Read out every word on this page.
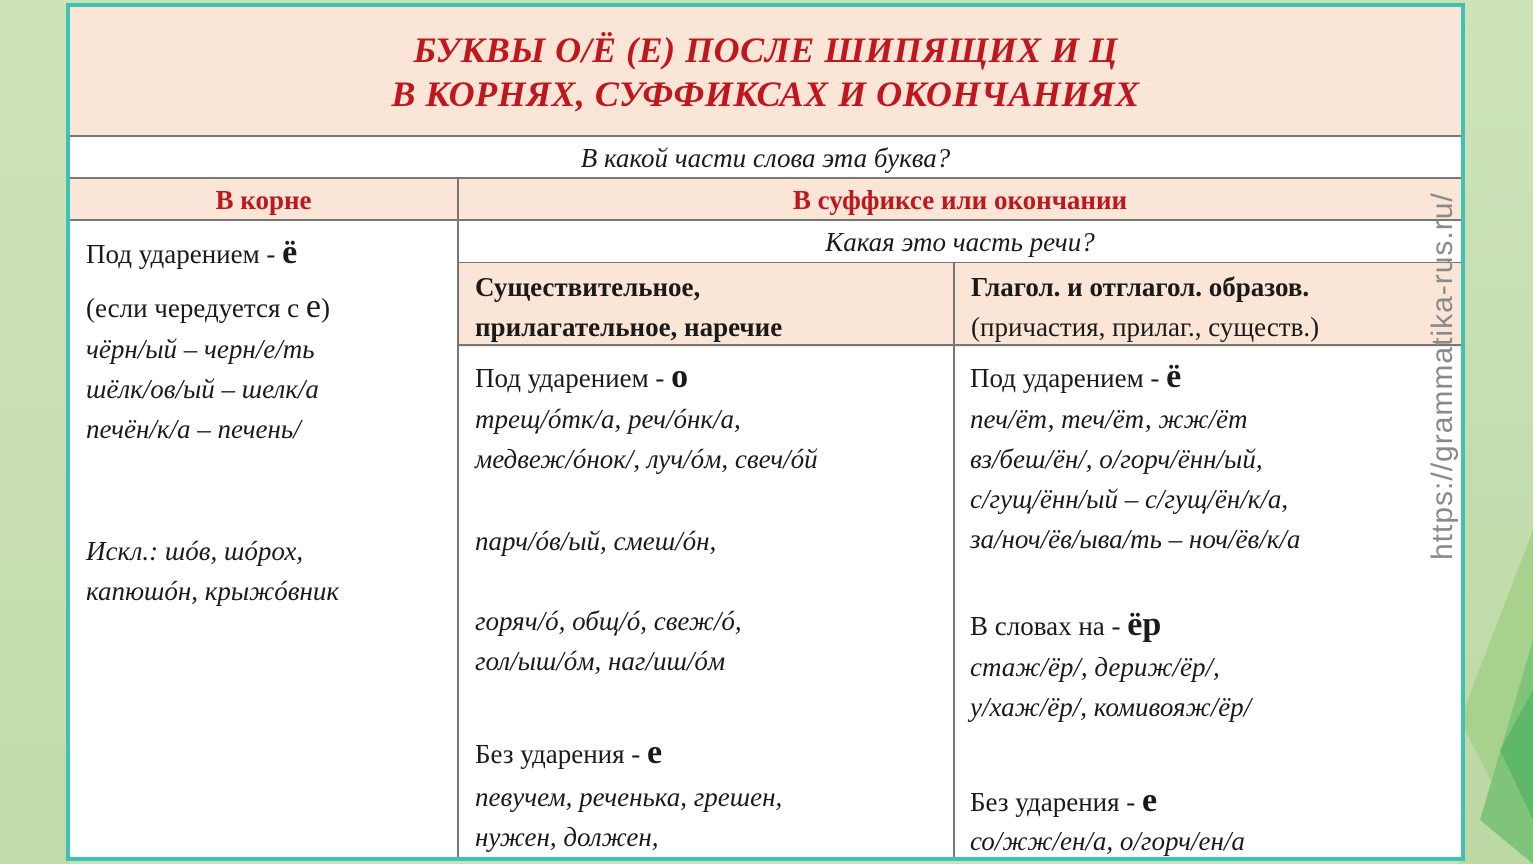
БУКВЫ О/Ё (Е) ПОСЛЕ ШИПЯЩИХ И Ц
В КОРНЯХ, СУФФИКСАХ И ОКОНЧАНИЯХ
В какой части слова эта буква?
В корне	В суффиксе или окончании
Какая это часть речи?
Существительное,
прилагательное, наречие
Глагол. и отглагол. образов.
(причастия, прилаг., существ.)
Под ударением - ё
(если чередуется с е)
чёрн/ый – черн/е/ть
шёлк/ов/ый – шелк/а
печён/к/а – печень/
Искл.: шóв, шóрох,
капюшóн, крыжóвник
Под ударением - о
трещ/óтк/а, реч/óнк/а,
медвеж/óнок/, луч/óм, свеч/óй
парч/óв/ый, смеш/óн,
горяч/ó, общ/ó, свеж/ó,
гол/ыш/óм, наг/иш/óм
Без ударения - е
певучем, реченька, грешен,
нужен, должен,
Под ударением - ё
печ/ёт, теч/ёт, жж/ёт
вз/беш/ён/, о/горч/ённ/ый,
с/гущ/ённ/ый – с/гущ/ён/к/а,
за/ноч/ёв/ыва/ть – ноч/ёв/к/а
В словах на - ёр
стаж/ёр/, дериж/ёр/,
у/хаж/ёр/, комивояж/ёр/
Без ударения - е
со/жж/ен/а, о/горч/ен/а
https://grammatika-rus.ru/
